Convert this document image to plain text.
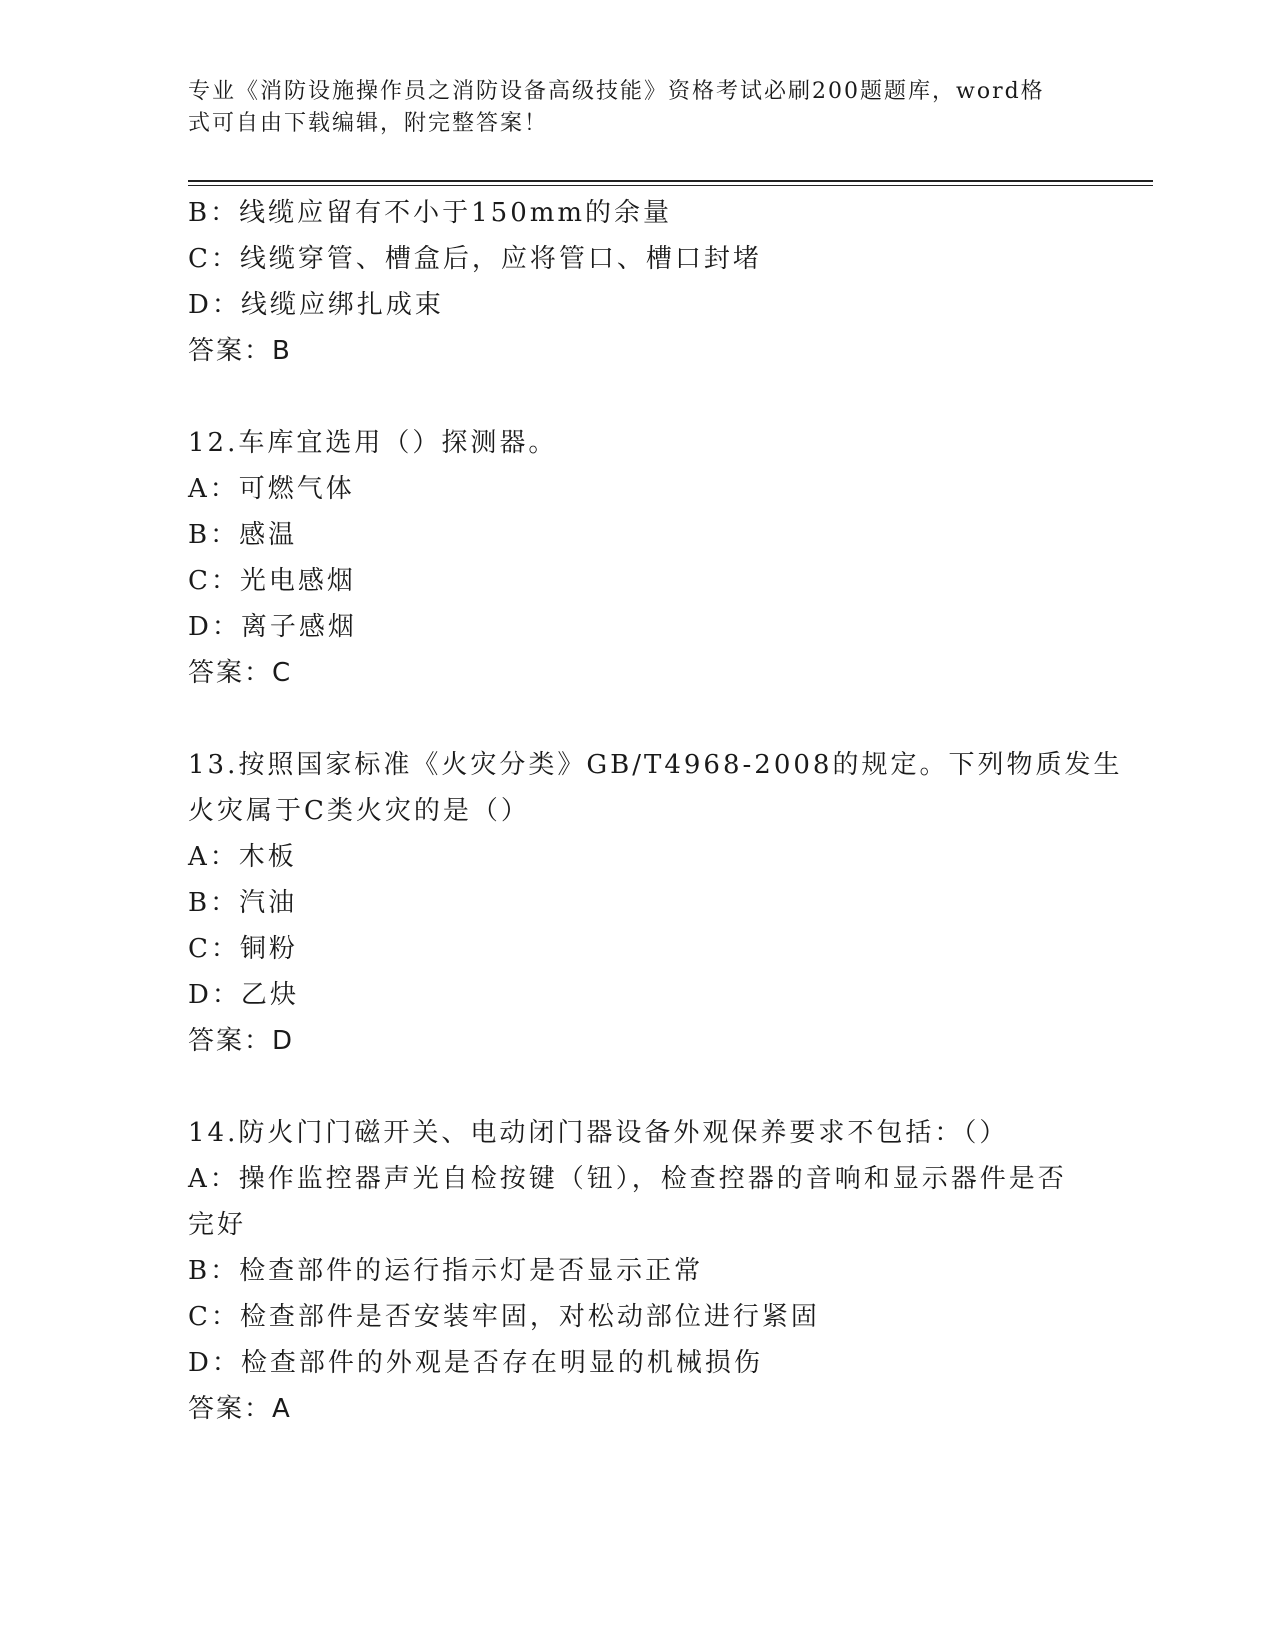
专业《消防设施操作员之消防设备高级技能》资格考试必刷200题题库，word格
式可自由下载编辑，附完整答案！
B：线缆应留有不小于150mm的余量
C：线缆穿管、槽盒后，应将管口、槽口封堵
D：线缆应绑扎成束
答案：B
12.车库宜选用（）探测器。
A：可燃气体
B：感温
C：光电感烟
D：离子感烟
答案：C
13.按照国家标准《火灾分类》GB/T4968-2008的规定。下列物质发生
火灾属于C类火灾的是（）
A：木板
B：汽油
C：铜粉
D：乙炔
答案：D
14.防火门门磁开关、电动闭门器设备外观保养要求不包括：（）
A：操作监控器声光自检按键（钮），检查控器的音响和显示器件是否
完好
B：检查部件的运行指示灯是否显示正常
C：检查部件是否安装牢固，对松动部位进行紧固
D：检查部件的外观是否存在明显的机械损伤
答案：A
